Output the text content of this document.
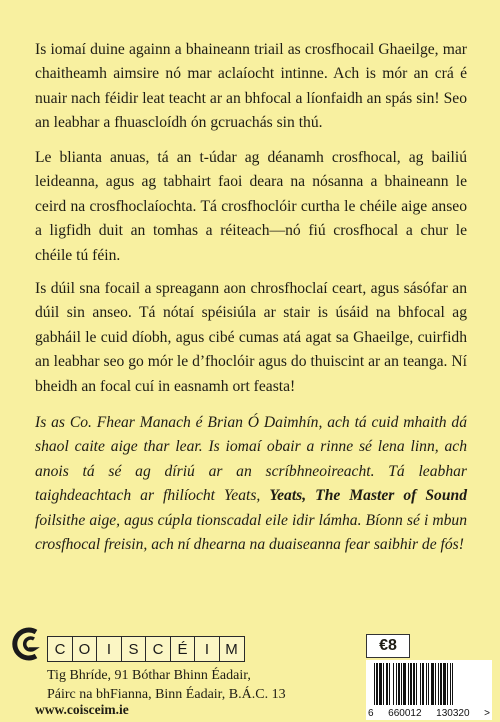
Is iomaí duine againn a bhaineann triail as crosfhocail Ghaeilge, mar chaitheamh aimsire nó mar aclaíocht intinne. Ach is mór an crá é nuair nach féidir leat teacht ar an bhfocal a líonfaidh an spás sin! Seo an leabhar a fhuascloídh ón gcruachás sin thú.

Le blianta anuas, tá an t-údar ag déanamh crosfhocal, ag bailiú leideanna, agus ag tabhairt faoi deara na nósanna a bhaineann le ceird na crosfhoclaíochta. Tá crosfhoclóir curtha le chéile aige anseo a ligfidh duit an tomhas a réiteach—nó fiú crosfhocal a chur le chéile tú féin.

Is dúil sna focail a spreagann aon chrosfhoclaí ceart, agus sásófar an dúil sin anseo. Tá nótaí spéisiúla ar stair is úsáid na bhfocal ag gabháil le cuid díobh, agus cibé cumas atá agat sa Ghaeilge, cuirfidh an leabhar seo go mór le d’fhoclóir agus do thuiscint ar an teanga. Ní bheidh an focal cuí in easnamh ort feasta!

Is as Co. Fhear Manach é Brian Ó Daimhín, ach tá cuid mhaith dá shaol caite aige thar lear. Is iomaí obair a rinne sé lena linn, ach anois tá sé ag díriú ar an scríbhneoireacht. Tá leabhar taighdeachtach ar fhilíocht Yeats, Yeats, The Master of Sound foilsithe aige, agus cúpla tionscadal eile idir lámha. Bíonn sé i mbun crosfhocal freisin, ach ní dhearna na duaiseanna fear saibhir de fós!

C O	I	S C É	I	M

Tig Bhríde, 91 Bóthar Bhinn Éadair,
Páirc na bhFianna, Binn Éadair, B.Á.C. 13

www.coisceim.ie
€8
6 660012 130320 >
